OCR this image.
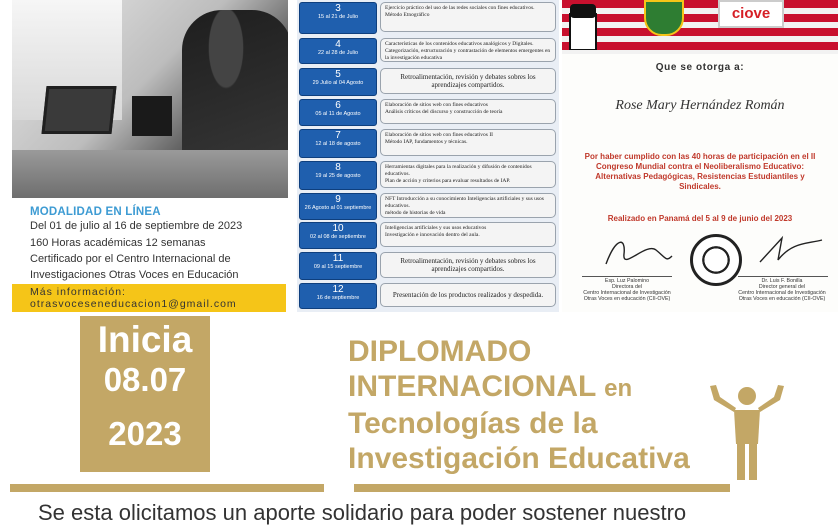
MODALIDAD EN LÍNEA
Del 01 de julio al 16 de septiembre de 2023
160 Horas académicas 12 semanas
Certificado por el Centro Internacional de
Investigaciones Otras Voces en Educación
Más información:
otrasvoceseneducacion1@gmail.com
3
15 al 21 de Julio
Ejercicio práctico del uso de las redes sociales con fines educativos.
Método Etnográfico
4
22 al 28 de Julio
Características de los contenidos educativos analógicos y Digitales.
Categorización, estructuración y contrastación de elementos emergentes en la investigación educativa
5
29 Julio al 04 Agosto
Retroalimentación, revisión y debates sobres los aprendizajes compartidos.
6
05 al 11 de Agosto
Elaboración de sitios web con fines educativos
Análisis críticos del discurso y construcción de teoría
7
12 al 18 de agosto
Elaboración de sitios web con fines educativos II
Método IAP, fundamentos y técnicas.
8
19 al 25 de agosto
Herramientas digitales para la realización y difusión de contenidos educativos.
Plan de acción y criterios para evaluar resultados de IAP.
9
26 Agosto al 01 septiembre
NFT Introducción a su conocimiento Inteligencias artificiales y sus usos educativos.
método de historias de vida
10
02 al 08 de septiembre
Inteligencias artificiales y sus usos educativos
Investigación e innovación dentro del aula.
11
09 al 15 septiembre
Retroalimentación, revisión y debates sobres los aprendizajes compartidos.
12
16 de septiembre	Presentación de los productos realizados y despedida.
ciove
Que se otorga a:
Rose Mary Hernández Román
Por haber cumplido con las 40 horas de participación en el II Congreso Mundial contra el Neoliberalismo Educativo: Alternativas Pedagógicas, Resistencias Estudiantiles y Sindicales.
Realizado en Panamá del 5 al 9 de junio del 2023
Esp. Luz Palomino
Directora del
Centro Internacional de Investigación
Otras Voces en educación (CII-OVE)
Dr. Luis F. Bonilla
Director general del
Centro Internacional de Investigación
Otras Voces en educación (CII-OVE)
Inicia
08.07
2023
DIPLOMADO
INTERNACIONAL en
Tecnologías de la
Investigación Educativa
Se esta olicitamos un aporte solidario para poder sostener nuestro
